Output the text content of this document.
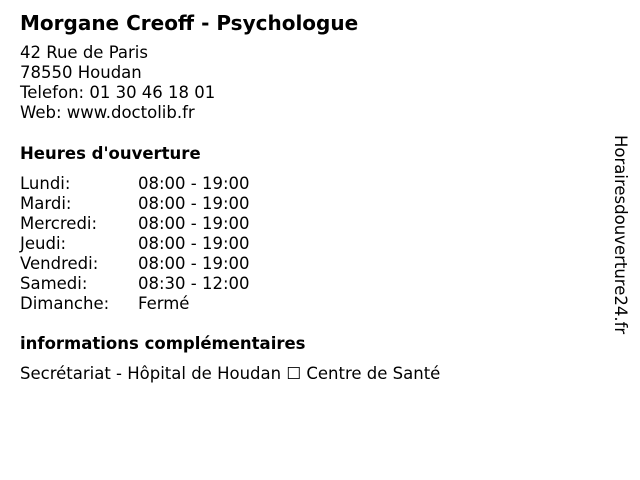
Morgane Creoff - Psychologue
42 Rue de Paris
78550 Houdan
Telefon: 01 30 46 18 01
Web: www.doctolib.fr
Heures d'ouverture
Lundi:	08:00 - 19:00
Mardi:	08:00 - 19:00
Mercredi: 08:00 - 19:00
Jeudi:	08:00 - 19:00
Vendredi: 08:00 - 19:00
Samedi:	08:30 - 12:00
Dimanche: Fermé
informations complémentaires
Secrétariat - Hôpital de Houdan ☐ Centre de Santé
Horairesdouverture24.fr
